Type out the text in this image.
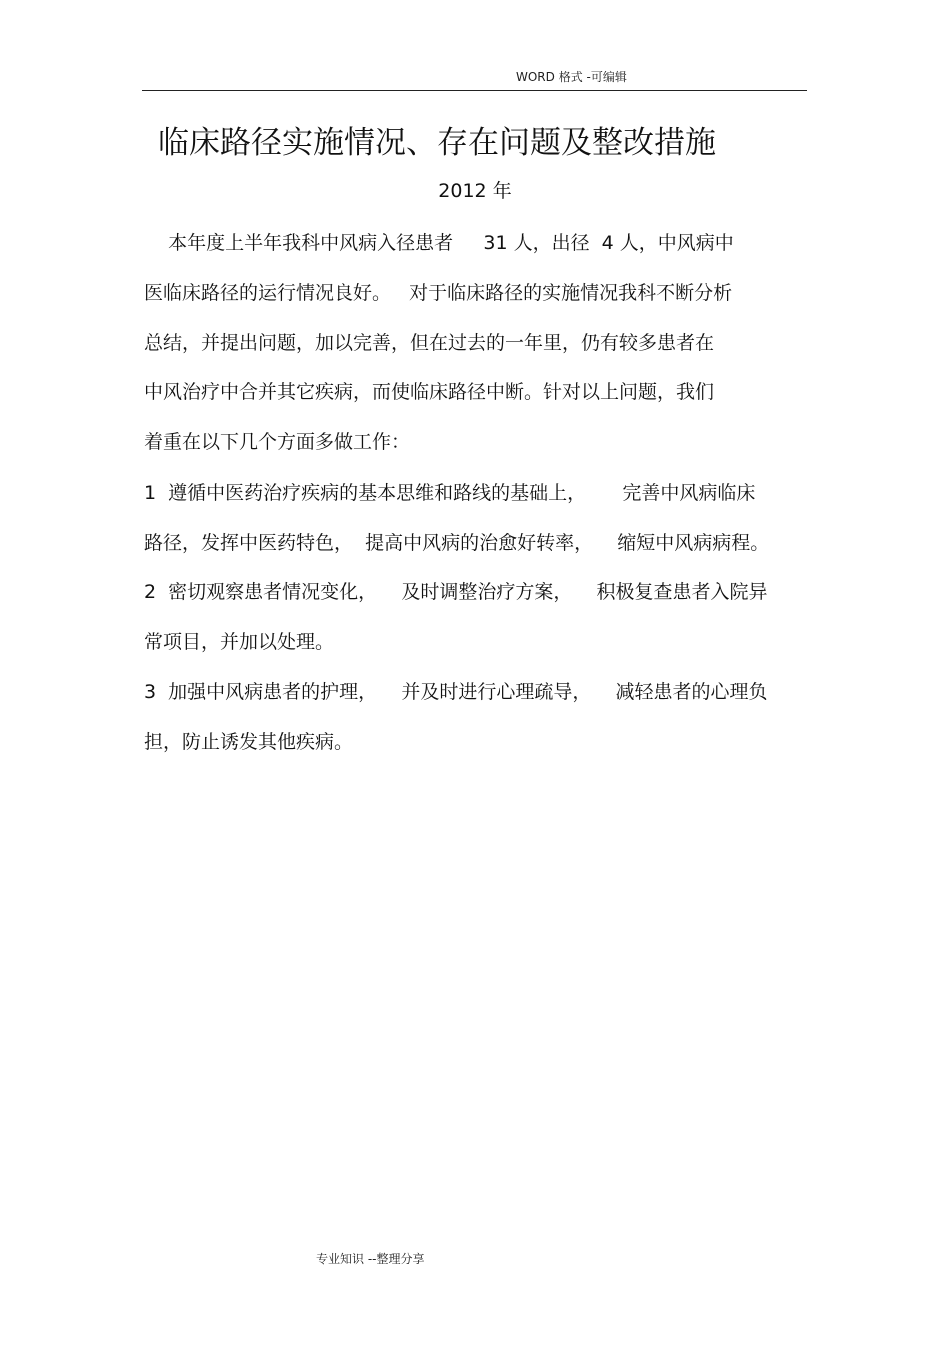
WORD 格式 -可编辑
临床路径实施情况、存在问题及整改措施
2012 年
本年度上半年我科中风病入径患者     31 人，出径  4 人，中风病中
医临床路径的运行情况良好。   对于临床路径的实施情况我科不断分析
总结，并提出问题，加以完善，但在过去的一年里，仍有较多患者在
中风治疗中合并其它疾病，而使临床路径中断。针对以上问题，我们
着重在以下几个方面多做工作：
1  遵循中医药治疗疾病的基本思维和路线的基础上，      完善中风病临床
路径，发挥中医药特色，  提高中风病的治愈好转率，    缩短中风病病程。
2  密切观察患者情况变化，    及时调整治疗方案，    积极复查患者入院异
常项目，并加以处理。
3  加强中风病患者的护理，    并及时进行心理疏导，    减轻患者的心理负
担，防止诱发其他疾病。
专业知识 --整理分享
